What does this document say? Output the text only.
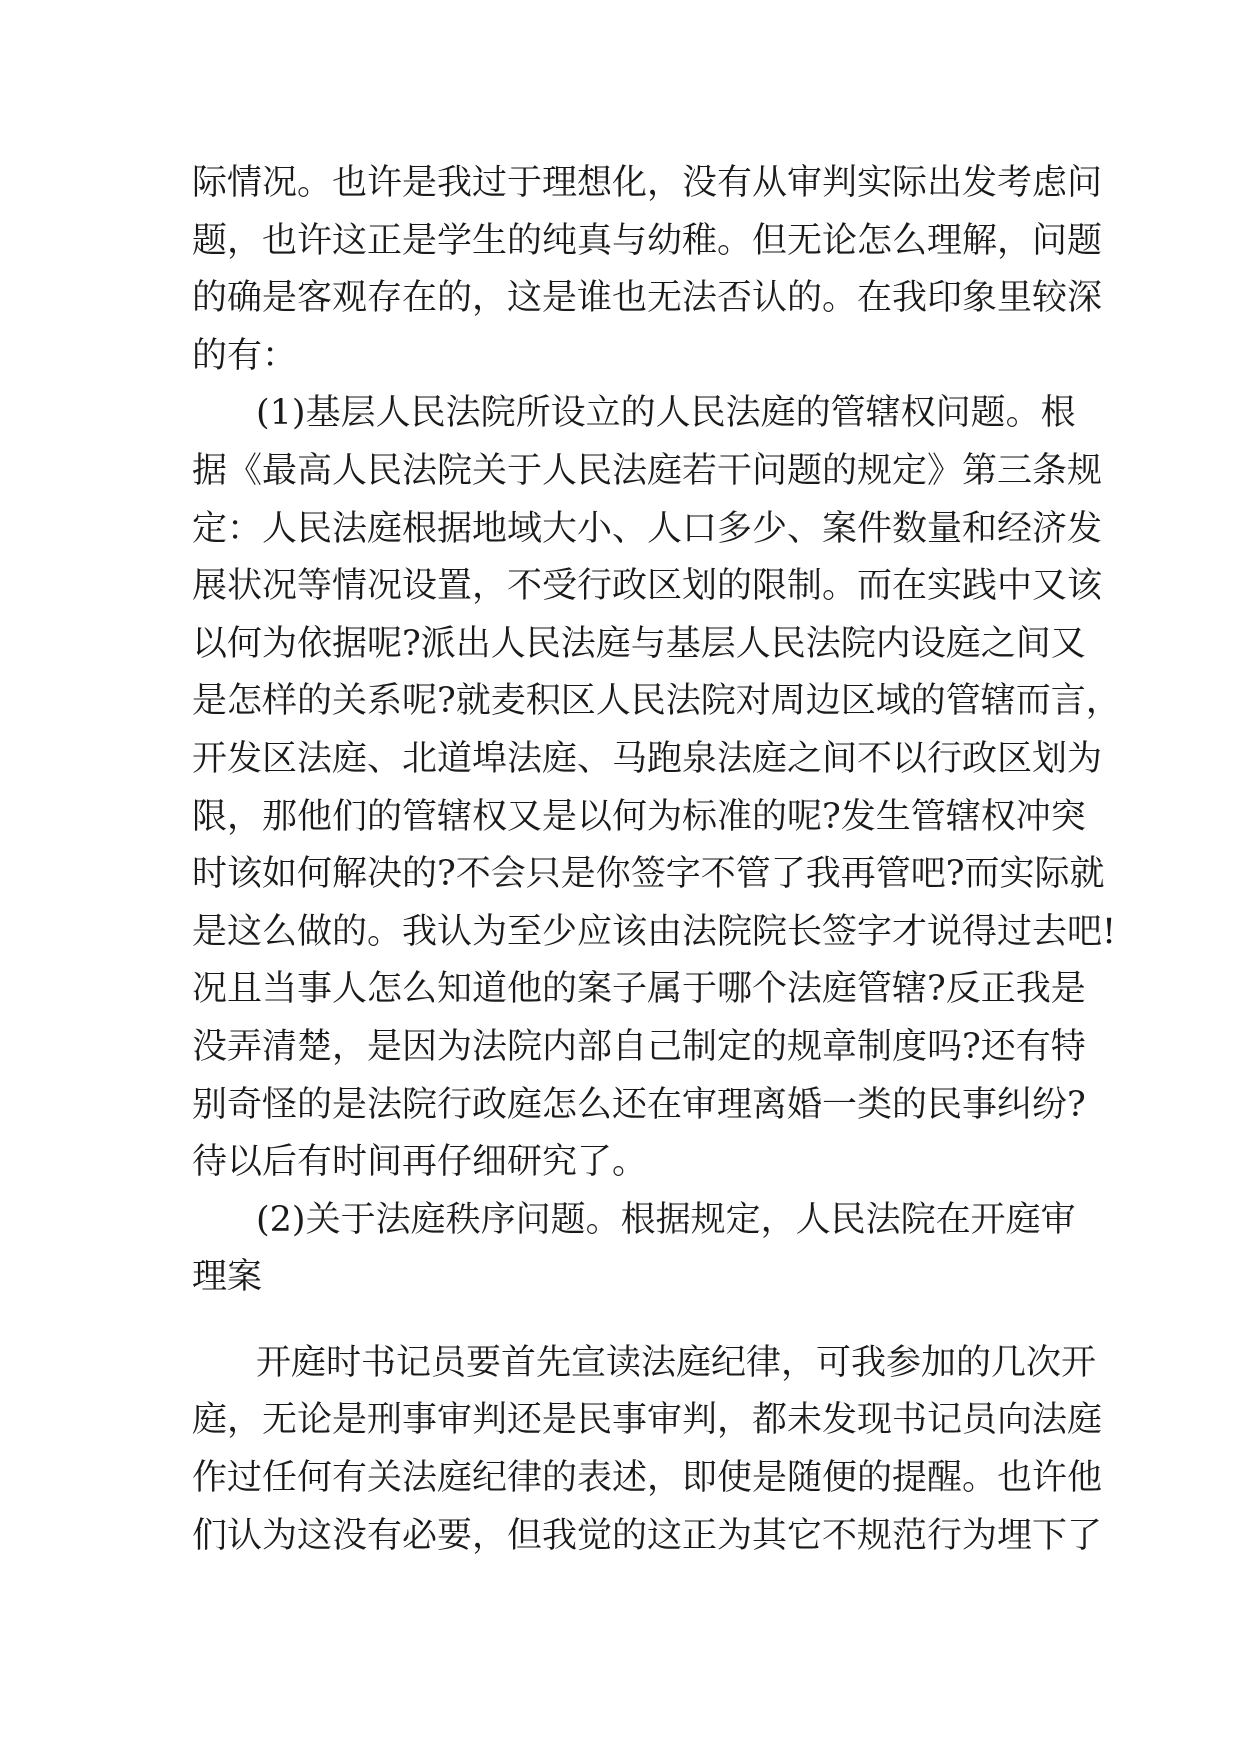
际情况。也许是我过于理想化，没有从审判实际出发考虑问
题，也许这正是学生的纯真与幼稚。但无论怎么理解，问题
的确是客观存在的，这是谁也无法否认的。在我印象里较深
的有：
(1)基层人民法院所设立的人民法庭的管辖权问题。根
据《最高人民法院关于人民法庭若干问题的规定》第三条规
定：人民法庭根据地域大小、人口多少、案件数量和经济发
展状况等情况设置，不受行政区划的限制。而在实践中又该
以何为依据呢?派出人民法庭与基层人民法院内设庭之间又
是怎样的关系呢?就麦积区人民法院对周边区域的管辖而言，
开发区法庭、北道埠法庭、马跑泉法庭之间不以行政区划为
限，那他们的管辖权又是以何为标准的呢?发生管辖权冲突
时该如何解决的?不会只是你签字不管了我再管吧?而实际就
是这么做的。我认为至少应该由法院院长签字才说得过去吧!
况且当事人怎么知道他的案子属于哪个法庭管辖?反正我是
没弄清楚，是因为法院内部自己制定的规章制度吗?还有特
别奇怪的是法院行政庭怎么还在审理离婚一类的民事纠纷?
待以后有时间再仔细研究了。
(2)关于法庭秩序问题。根据规定，人民法院在开庭审
理案
开庭时书记员要首先宣读法庭纪律，可我参加的几次开
庭，无论是刑事审判还是民事审判，都未发现书记员向法庭
作过任何有关法庭纪律的表述，即使是随便的提醒。也许他
们认为这没有必要，但我觉的这正为其它不规范行为埋下了
